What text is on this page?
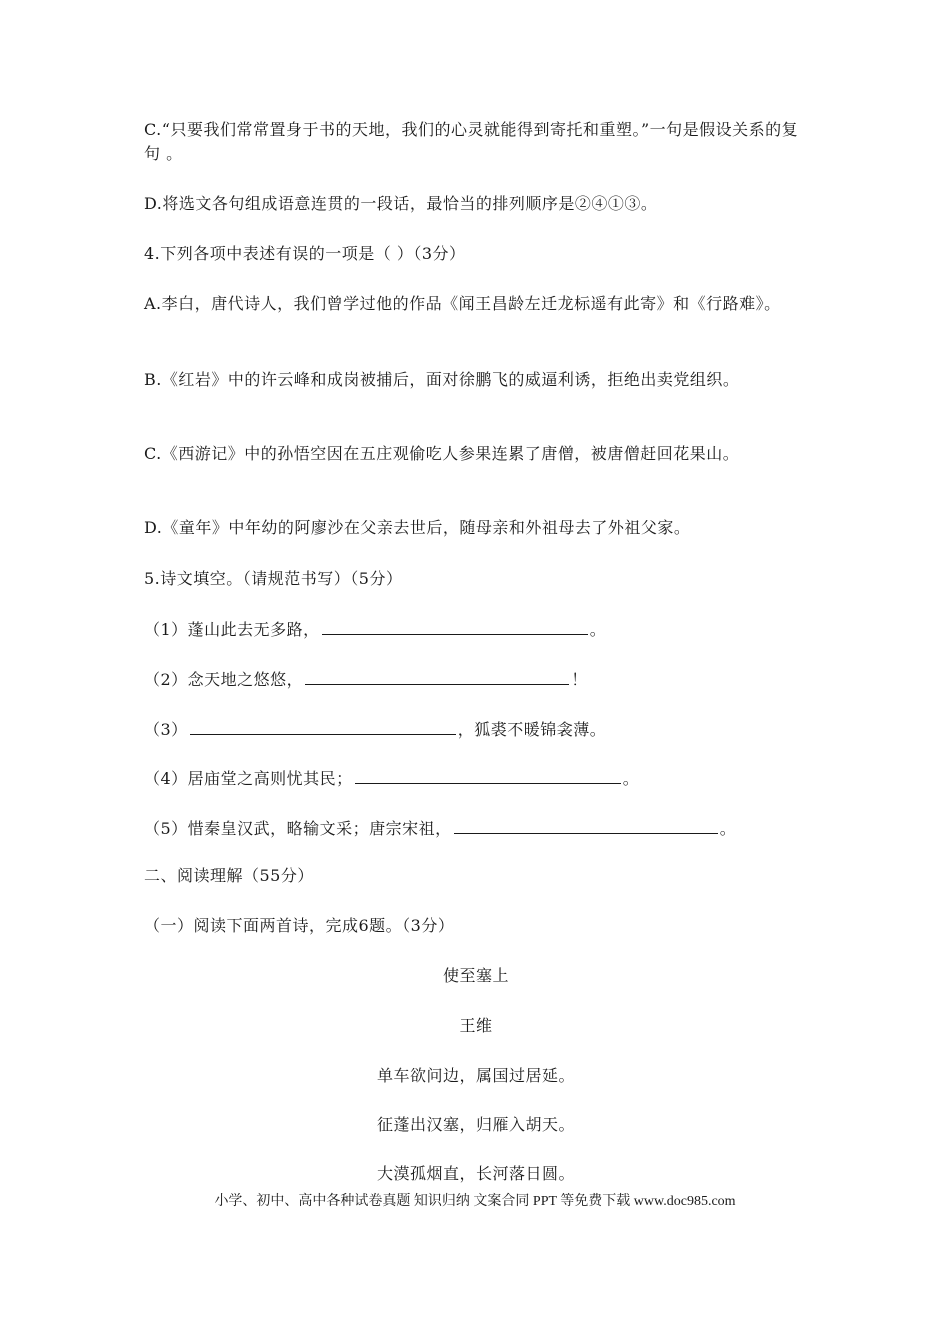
C.“只要我们常常置身于书的天地，我们的心灵就能得到寄托和重塑。”一句是假设关系的复句 。
D.将选文各句组成语意连贯的一段话，最恰当的排列顺序是②④①③。
4.下列各项中表述有误的一项是（ ）（3分）
A.李白，唐代诗人，我们曾学过他的作品《闻王昌龄左迁龙标遥有此寄》和《行路难》。
B.《红岩》中的许云峰和成岗被捕后，面对徐鹏飞的威逼利诱，拒绝出卖党组织。
C.《西游记》中的孙悟空因在五庄观偷吃人参果连累了唐僧，被唐僧赶回花果山。
D.《童年》中年幼的阿廖沙在父亲去世后，随母亲和外祖母去了外祖父家。
5.诗文填空。（请规范书写）（5分）
（1）蓬山此去无多路，	。
（2）念天地之悠悠，	！
（3）	，狐裘不暖锦衾薄。
（4）居庙堂之高则忧其民；	。
（5）惜秦皇汉武，略输文采；唐宗宋祖，	。
二、阅读理解（55分）
（一）阅读下面两首诗，完成6题。（3分）
使至塞上
王维
单车欲问边，属国过居延。
征蓬出汉塞，归雁入胡天。
大漠孤烟直，长河落日圆。
小学、初中、高中各种试卷真题 知识归纳 文案合同 PPT 等免费下载 www.doc985.com
